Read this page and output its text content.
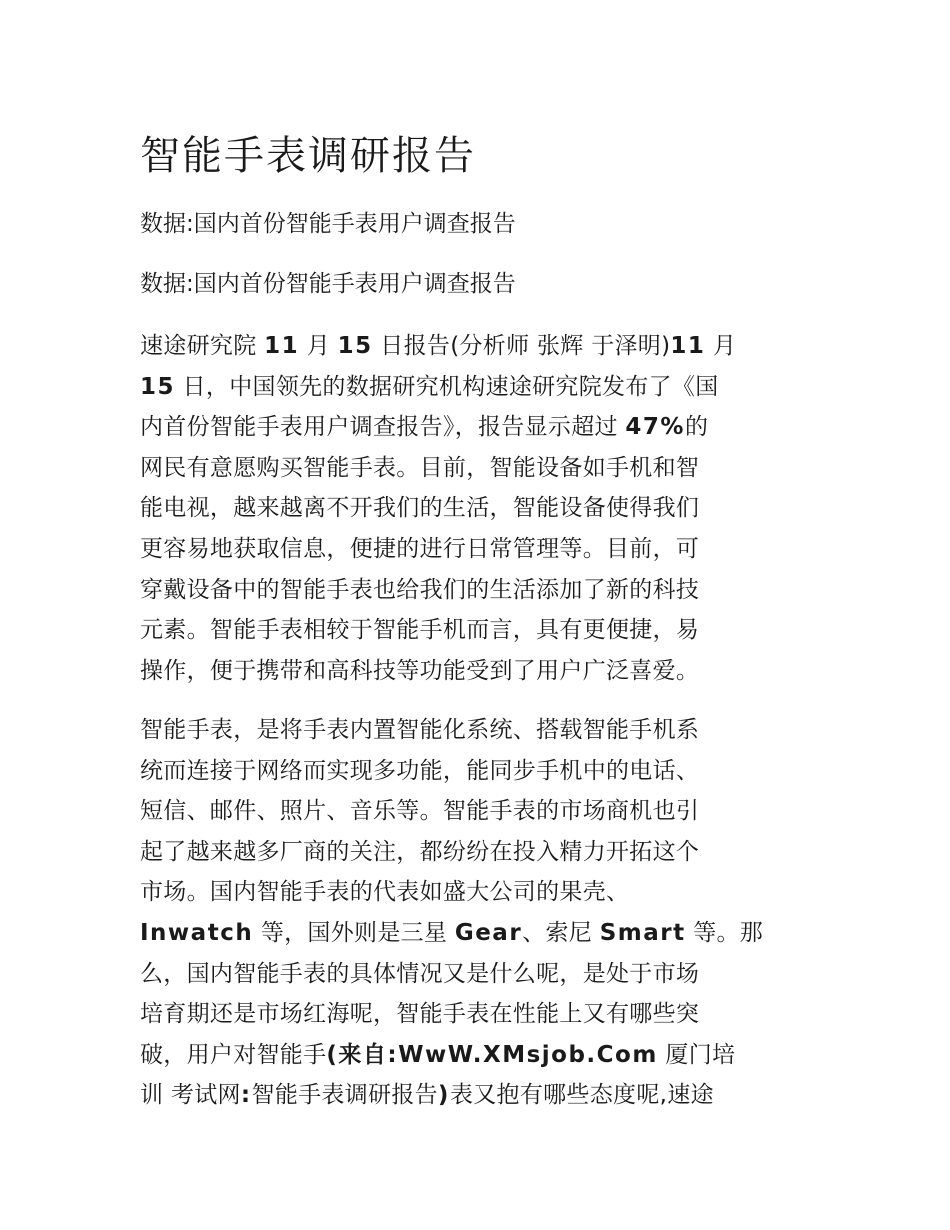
智能手表调研报告

数据:国内首份智能手表用户调查报告

数据:国内首份智能手表用户调查报告

速途研究院 11 月 15 日报告(分析师 张辉 于泽明)11 月
15 日，中国领先的数据研究机构速途研究院发布了《国
内首份智能手表用户调查报告》，报告显示超过 47%的
网民有意愿购买智能手表。目前，智能设备如手机和智
能电视，越来越离不开我们的生活，智能设备使得我们
更容易地获取信息，便捷的进行日常管理等。目前，可
穿戴设备中的智能手表也给我们的生活添加了新的科技
元素。智能手表相较于智能手机而言，具有更便捷，易
操作，便于携带和高科技等功能受到了用户广泛喜爱。
智能手表，是将手表内置智能化系统、搭载智能手机系
统而连接于网络而实现多功能，能同步手机中的电话、
短信、邮件、照片、音乐等。智能手表的市场商机也引
起了越来越多厂商的关注，都纷纷在投入精力开拓这个
市场。国内智能手表的代表如盛大公司的果壳、
Inwatch 等，国外则是三星 Gear、索尼 Smart 等。那
么，国内智能手表的具体情况又是什么呢，是处于市场
培育期还是市场红海呢，智能手表在性能上又有哪些突
破，用户对智能手(来自:WwW.XMsjob.Com 厦门培
训 考试网:智能手表调研报告)表又抱有哪些态度呢,速途
